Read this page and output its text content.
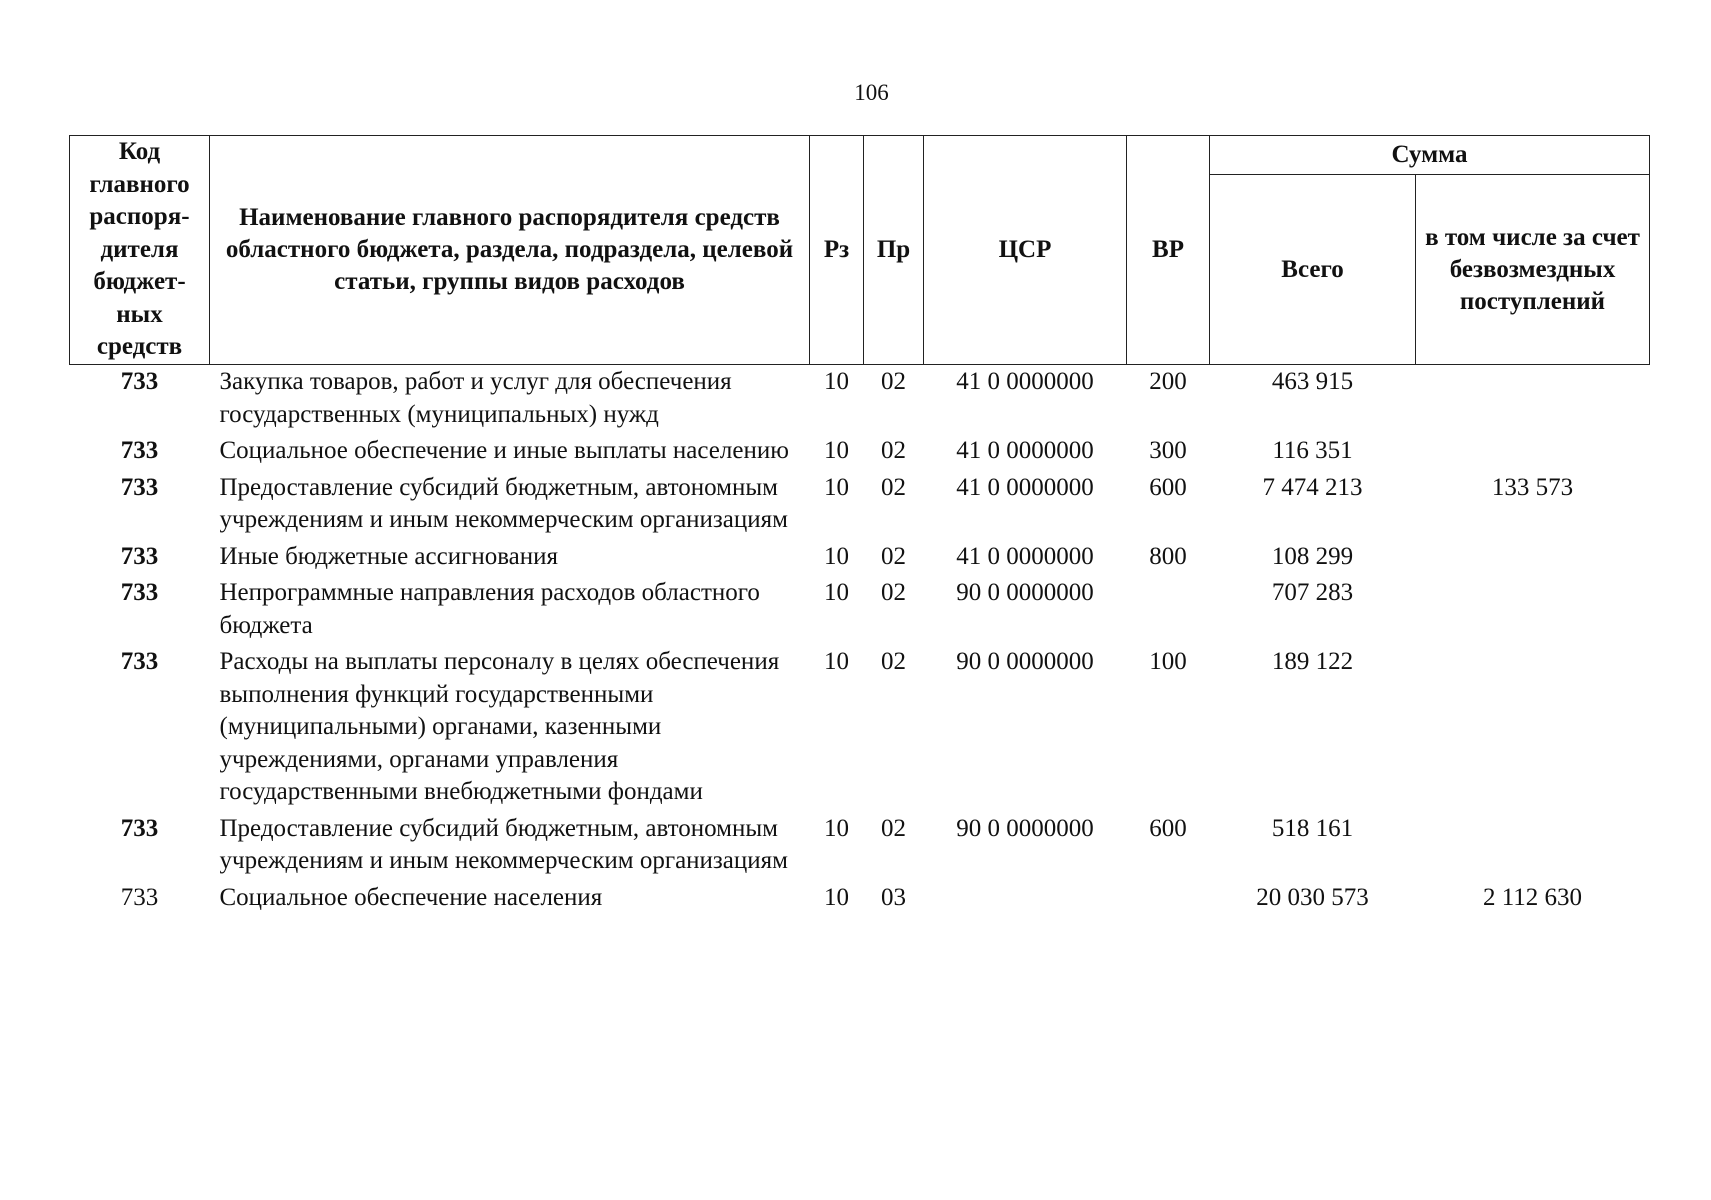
106
Код главного распоря-дителя бюджет-ных средств	Наименование главного распорядителя средств областного бюджета, раздела, подраздела, целевой статьи, группы видов расходов	Рз	Пр	ЦСР	ВР	Сумма	
						Всего	в том числе за счет безвозмездных поступлений
733	Закупка товаров, работ и услуг для обеспечения государственных (муниципальных) нужд	10	02	41 0 0000000	200	463 915	
733	Социальное обеспечение и иные выплаты населению	10	02	41 0 0000000	300	116 351	
733	Предоставление субсидий бюджетным, автономным учреждениям и иным некоммерческим организациям	10	02	41 0 0000000	600	7 474 213	133 573
733	Иные бюджетные ассигнования	10	02	41 0 0000000	800	108 299	
733	Непрограммные направления расходов областного бюджета	10	02	90 0 0000000		707 283	
733	Расходы на выплаты персоналу в целях обеспечения выполнения функций государственными (муниципальными) органами, казенными учреждениями, органами управления государственными внебюджетными фондами	10	02	90 0 0000000	100	189 122	
733	Предоставление субсидий бюджетным, автономным учреждениям и иным некоммерческим организациям	10	02	90 0 0000000	600	518 161	
733	Социальное обеспечение населения	10	03			20 030 573	2 112 630
